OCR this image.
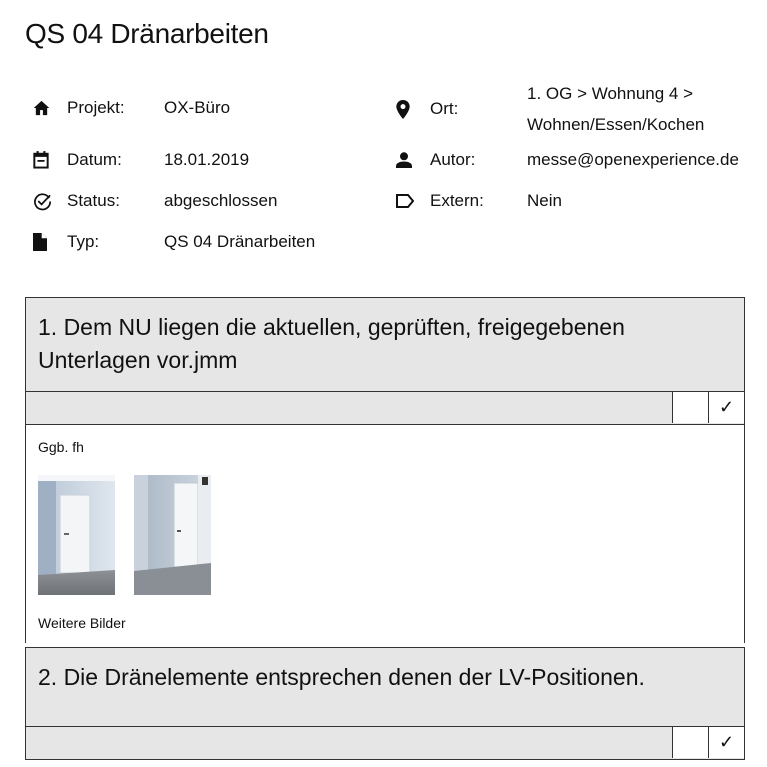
QS 04 Dränarbeiten
Projekt:	OX-Büro
Datum:	18.01.2019
Status:	abgeschlossen
Typ:	QS 04 Dränarbeiten
Ort:
1. OG > Wohnung 4 >
Wohnen/Essen/Kochen
Autor:	messe@openexperience.de
Extern:	Nein
1. Dem NU liegen die aktuellen, geprüften, freigegebenen Unterlagen vor.jmm
✓
Ggb. fh
Weitere Bilder
2. Die Dränelemente entsprechen denen der LV-Positionen.
✓
